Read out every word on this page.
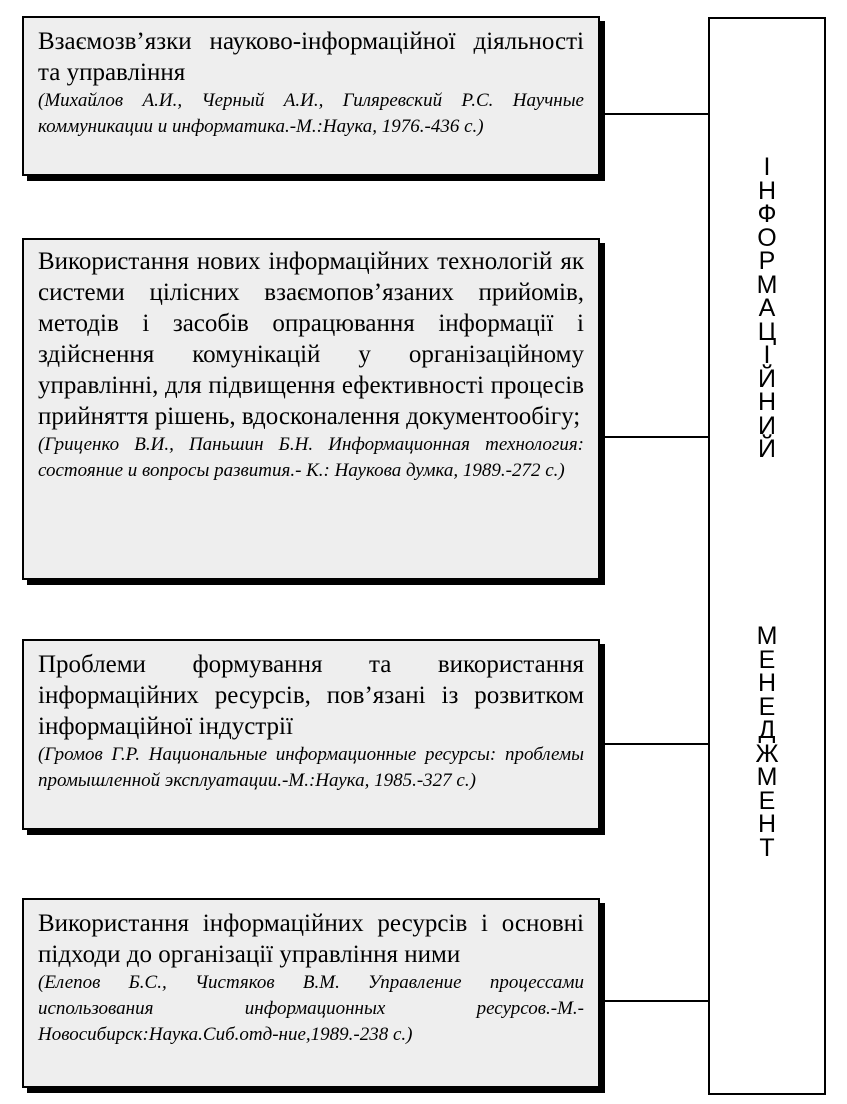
Взаємозв’язки науково-інформаційної діяльності та управління
(Михайлов А.И., Черный А.И., Гиляревский Р.С. Научные коммуникации и информатика.-М.:Наука, 1976.-436 с.)
Використання нових інформаційних технологій як системи цілісних взаємопов’язаних прийомів, методів і засобів опрацювання інформації і здійснення комунікацій у організаційному управлінні, для підвищення ефективності процесів прийняття рішень, вдосконалення документообігу;
(Гриценко В.И., Паньшин Б.Н. Информационная технология: состояние и вопросы развития.- К.: Наукова думка, 1989.-272 с.)
Проблеми формування та використання інформаційних ресурсів, пов’язані із розвитком інформаційної індустрії
(Громов Г.Р. Национальные информационные ресурсы: проблемы промышленной эксплуатации.-М.:Наука, 1985.-327 с.)
Використання інформаційних ресурсів і основні підходи до організації управління ними
(Елепов Б.С., Чистяков В.М. Управление процессами использования информационных ресурсов.-М.-Новосибирск:Наука.Сиб.отд-ние,1989.-238 с.)
І
Н
Ф
О
Р
М
А
Ц
І
Й
Н
И
Й
М
Е
Н
Е
Д
Ж
М
Е
Н
Т
